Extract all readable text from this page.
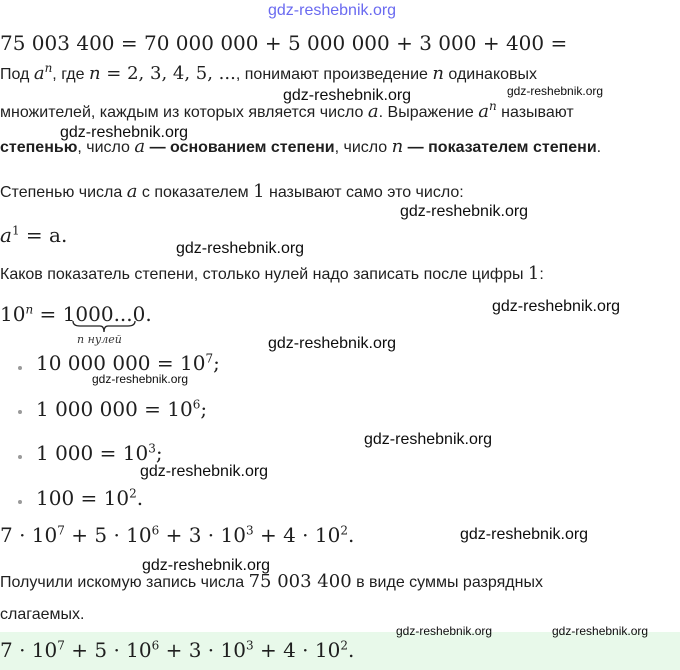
gdz-reshebnik.org
75 003 400 = 70 000 000 + 5 000 000 + 3 000 + 400 =
Под $a^n$, где n = 2, 3, 4, 5, ..., понимают произведение n одинаковых
gdz-reshebnik.org	gdz-reshebnik.org
множителей, каждым из которых является число a. Выражение $a^n$ называют
gdz-reshebnik.org
степенью, число a — основанием степени, число n — показателем степени.
Степенью числа a с показателем 1 называют само это число:
gdz-reshebnik.org
$a^1 = a$.
gdz-reshebnik.org
Каков показатель степени, столько нулей надо записать после цифры 1:
$10^n = 1000...0$.
n нулей
gdz-reshebnik.org
gdz-reshebnik.org
10 000 $000 = 10^7$;
gdz-reshebnik.org
1 000 $000 = 10^6$;
gdz-reshebnik.org
1 $000 = 10^3$;
gdz-reshebnik.org
$100 = 10^2$.
$7 \cdot 10^7 + 5 \cdot 10^6 + 3 \cdot 10^3 + 4 \cdot 10^2$.	gdz-reshebnik.org
gdz-reshebnik.org
Получили искомую запись числа 75 003 400 в виде суммы разрядных
слагаемых.
gdz-reshebnik.org	gdz-reshebnik.org
$7 \cdot 10^7 + 5 \cdot 10^6 + 3 \cdot 10^3 + 4 \cdot 10^2$.
